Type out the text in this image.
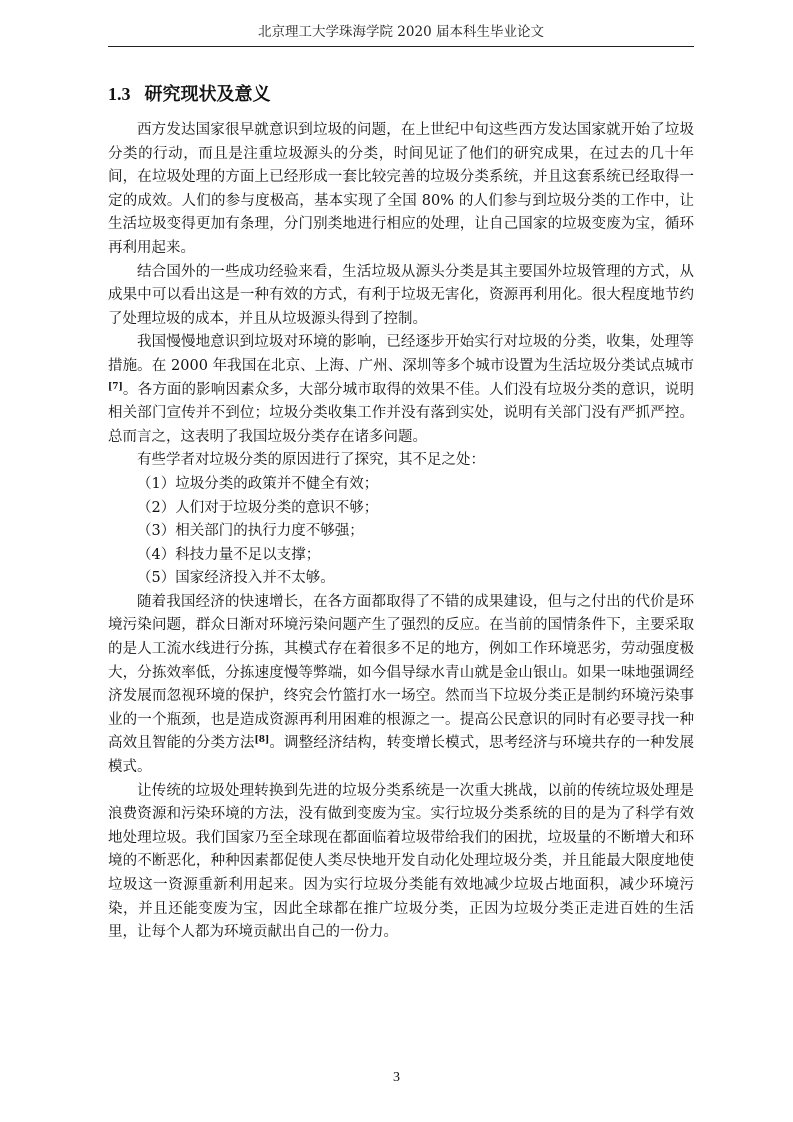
北京理工大学珠海学院 2020 届本科生毕业论文
1.3 研究现状及意义

西方发达国家很早就意识到垃圾的问题，在上世纪中旬这些西方发达国家就开始了垃圾分类的行动，而且是注重垃圾源头的分类，时间见证了他们的研究成果，在过去的几十年间，在垃圾处理的方面上已经形成一套比较完善的垃圾分类系统，并且这套系统已经取得一定的成效。人们的参与度极高，基本实现了全国 80% 的人们参与到垃圾分类的工作中，让生活垃圾变得更加有条理，分门别类地进行相应的处理，让自己国家的垃圾变废为宝，循环再利用起来。

结合国外的一些成功经验来看，生活垃圾从源头分类是其主要国外垃圾管理的方式，从成果中可以看出这是一种有效的方式，有利于垃圾无害化，资源再利用化。很大程度地节约了处理垃圾的成本，并且从垃圾源头得到了控制。

我国慢慢地意识到垃圾对环境的影响，已经逐步开始实行对垃圾的分类，收集，处理等措施。在 2000 年我国在北京、上海、广州、深圳等多个城市设置为生活垃圾分类试点城市[7]。各方面的影响因素众多，大部分城市取得的效果不佳。人们没有垃圾分类的意识，说明相关部门宣传并不到位；垃圾分类收集工作并没有落到实处，说明有关部门没有严抓严控。总而言之，这表明了我国垃圾分类存在诸多问题。

有些学者对垃圾分类的原因进行了探究，其不足之处：

（1）垃圾分类的政策并不健全有效；

（2）人们对于垃圾分类的意识不够；

（3）相关部门的执行力度不够强；

（4）科技力量不足以支撑；

（5）国家经济投入并不太够。

随着我国经济的快速增长，在各方面都取得了不错的成果建设，但与之付出的代价是环境污染问题，群众日渐对环境污染问题产生了强烈的反应。在当前的国情条件下，主要采取的是人工流水线进行分拣，其模式存在着很多不足的地方，例如工作环境恶劣，劳动强度极大，分拣效率低，分拣速度慢等弊端，如今倡导绿水青山就是金山银山。如果一味地强调经济发展而忽视环境的保护，终究会竹篮打水一场空。然而当下垃圾分类正是制约环境污染事业的一个瓶颈，也是造成资源再利用困难的根源之一。提高公民意识的同时有必要寻找一种高效且智能的分类方法[8]。调整经济结构，转变增长模式，思考经济与环境共存的一种发展模式。

让传统的垃圾处理转换到先进的垃圾分类系统是一次重大挑战，以前的传统垃圾处理是浪费资源和污染环境的方法，没有做到变废为宝。实行垃圾分类系统的目的是为了科学有效地处理垃圾。我们国家乃至全球现在都面临着垃圾带给我们的困扰，垃圾量的不断增大和环境的不断恶化，种种因素都促使人类尽快地开发自动化处理垃圾分类，并且能最大限度地使垃圾这一资源重新利用起来。因为实行垃圾分类能有效地减少垃圾占地面积，减少环境污染，并且还能变废为宝，因此全球都在推广垃圾分类，正因为垃圾分类正走进百姓的生活里，让每个人都为环境贡献出自己的一份力。

3
